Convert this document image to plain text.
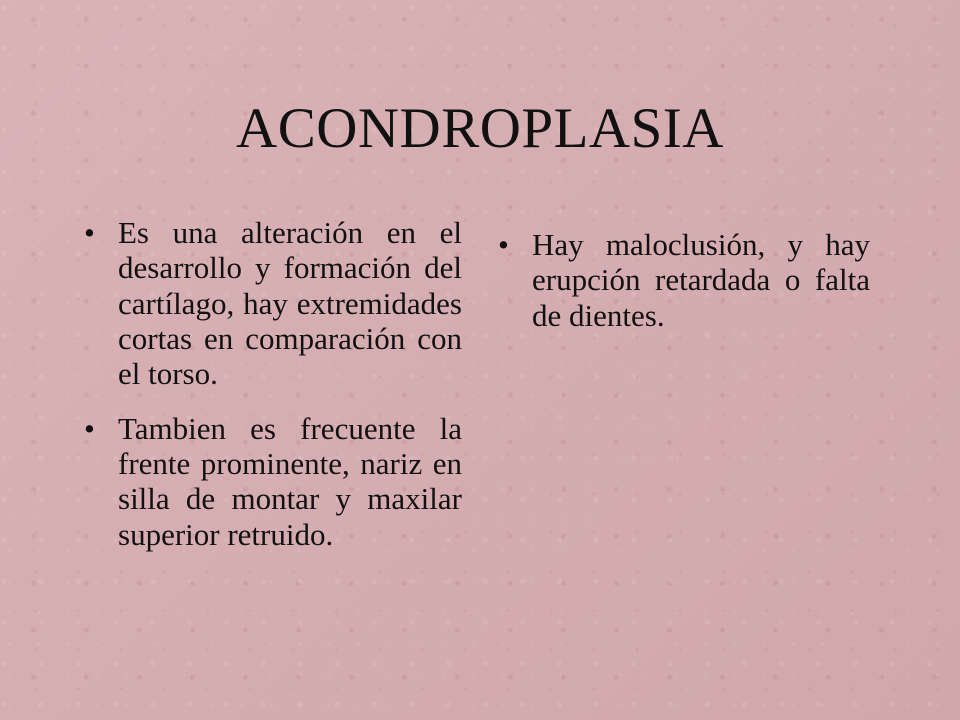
ACONDROPLASIA
• Es una alteración en el desarrollo y formación del cartílago, hay extremidades cortas en comparación con el torso.
• Tambien es frecuente la frente prominente, nariz en silla de montar y maxilar superior retruido.
• Hay maloclusión, y hay erupción retardada o falta de dientes.
